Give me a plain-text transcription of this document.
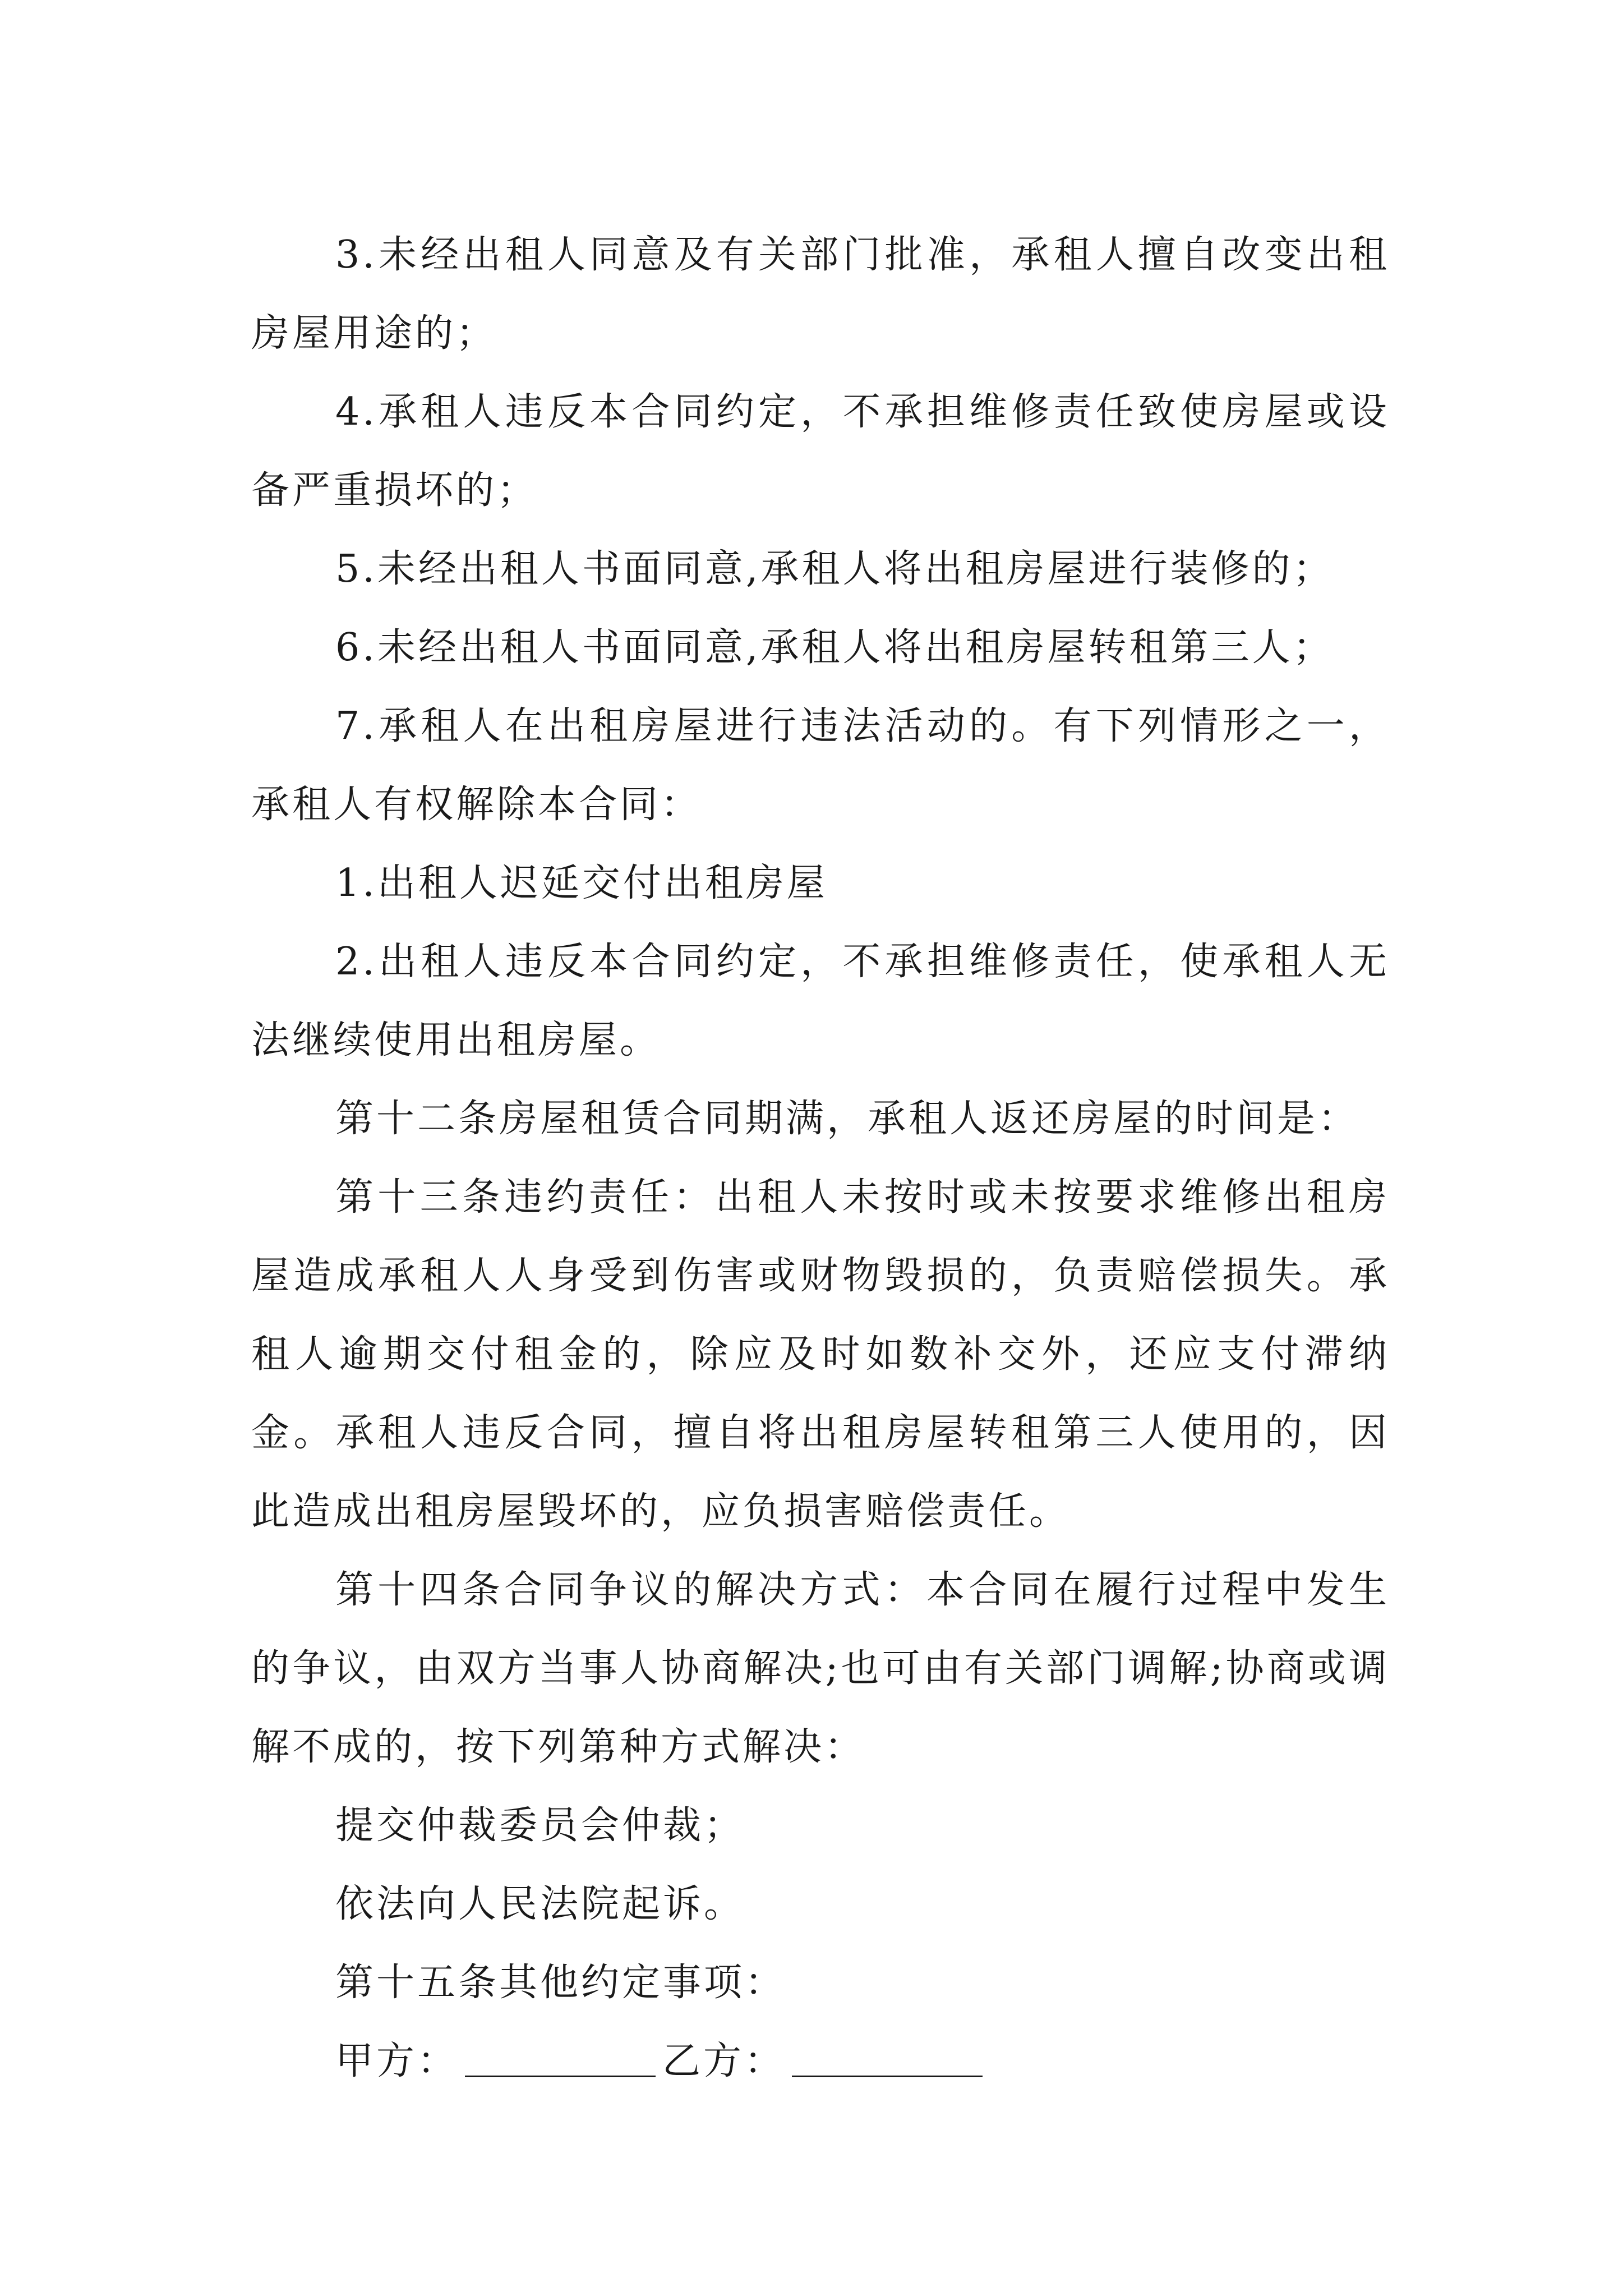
3.未经出租人同意及有关部门批准，承租人擅自改变出租房屋用途的；

4.承租人违反本合同约定，不承担维修责任致使房屋或设备严重损坏的；

5.未经出租人书面同意,承租人将出租房屋进行装修的；

6.未经出租人书面同意,承租人将出租房屋转租第三人；

7.承租人在出租房屋进行违法活动的。有下列情形之一，承租人有权解除本合同：

1.出租人迟延交付出租房屋

2.出租人违反本合同约定，不承担维修责任，使承租人无法继续使用出租房屋。

第十二条房屋租赁合同期满，承租人返还房屋的时间是：

第十三条违约责任：出租人未按时或未按要求维修出租房屋造成承租人人身受到伤害或财物毁损的，负责赔偿损失。承租人逾期交付租金的，除应及时如数补交外，还应支付滞纳金。承租人违反合同，擅自将出租房屋转租第三人使用的，因此造成出租房屋毁坏的，应负损害赔偿责任。

第十四条合同争议的解决方式：本合同在履行过程中发生的争议，由双方当事人协商解决;也可由有关部门调解;协商或调解不成的，按下列第种方式解决：

提交仲裁委员会仲裁；

依法向人民法院起诉。

第十五条其他约定事项：

甲方：	乙方：
